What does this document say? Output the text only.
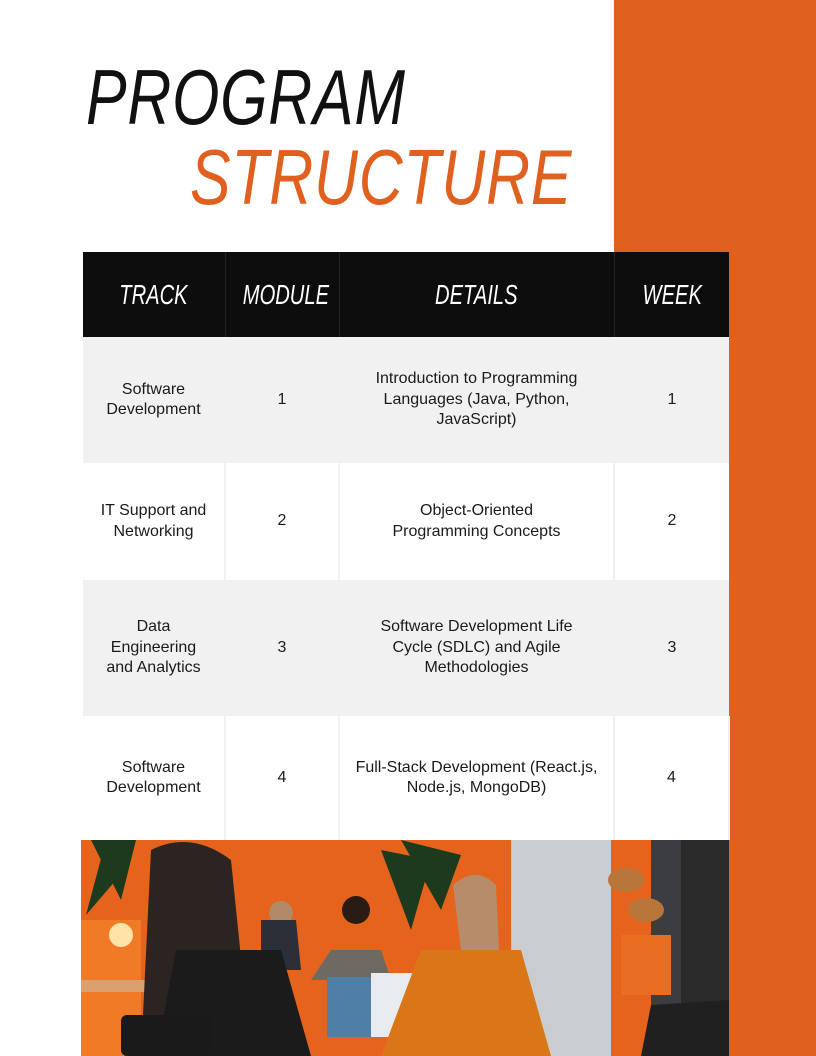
PROGRAM
STRUCTURE
TRACK	MODULE	DETAILS	WEEK
Software Development	1	Introduction to Programming Languages (Java, Python, JavaScript)	1
IT Support and Networking	2	Object-Oriented Programming Concepts	2
Data Engineering and Analytics	3	Software Development Life Cycle (SDLC) and Agile Methodologies	3
Software Development	4	Full-Stack Development (React.js, Node.js, MongoDB)	4
